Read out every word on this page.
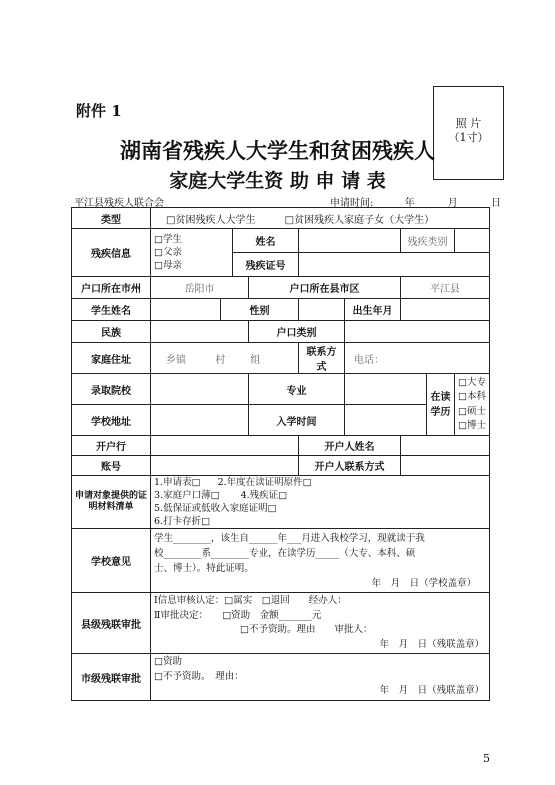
附件 1
照 片
（1寸）
湖南省残疾人大学生和贫困残疾人
家庭大学生资 助 申 请 表
平江县残疾人联合会	申请时间:	年	月	日
类型	□贫困残疾人大学生 □贫困残疾人家庭子女（大学生）								
残疾信息	□学生
□父亲
□母亲		姓名				残疾类别		
			残疾证号						
户口所在市州	岳阳市			户口所在县市区			平江县		
学生姓名		性别				出生年月			
民族				户口类别					
家庭住址	乡镇 村 组				联系方式	电话：			
录取院校				专业				在读学历	□大专
□本科
□硕士
□博士

学校地址				入学时间					
开户行					开户人姓名				
账号					开户人联系方式				
申请对象提供的证明材料清单	1.申请表□ 2.年度在读证明原件□
3.家庭户口薄□ 4.残疾证□
5.低保证或低收入家庭证明□
6.打卡存折□								

学校意见	学生________，该生自______年___月进入我校学习，现就读于我
校________系________专业，在读学历_____（大专、本科、硕
士、博士）。特此证明。
年　月　日（学校盖章）								

县级残联审批	Ⅰ信息审核认定：□属实　□退回　　经办人：
Ⅱ审批决定：　　□资助　金额_______元
□不予资助。理由　　审批人：
年　月　日（残联盖章）								

市级残联审批	□资助
□不予资助。　理由：
年　月　日（残联盖章）								
5
